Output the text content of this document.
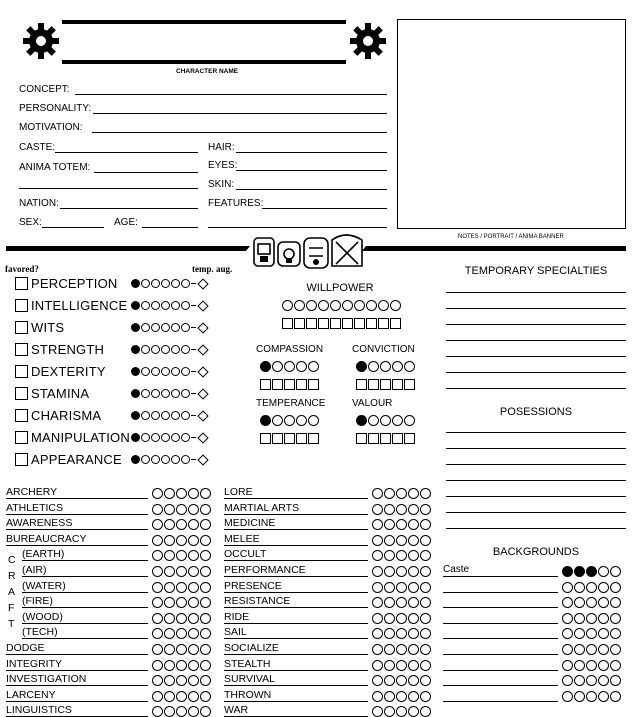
CHARACTER NAME
NOTES / PORTRAIT / ANIMA BANNER
CONCEPT:
PERSONALITY:
MOTIVATION:
CASTE:	HAIR:
ANIMA TOTEM:	EYES:
SKIN:
NATION:	FEATURES:
SEX:	AGE:
favored?	temp. aug.
PERCEPTION
INTELLIGENCE
WITS
STRENGTH
DEXTERITY
STAMINA
CHARISMA
MANIPULATION
APPEARANCE
WILLPOWER
COMPASSION	CONVICTION
TEMPERANCE	VALOUR
TEMPORARY SPECIALTIES
POSESSIONS
BACKGROUNDS
Caste
C
R
A
F
T
ARCHERY
ATHLETICS
AWARENESS
BUREAUCRACY
(EARTH)
(AIR)
(WATER)
(FIRE)
(WOOD)
(TECH)
DODGE
INTEGRITY
INVESTIGATION
LARCENY
LINGUISTICS
LORE
MARTIAL ARTS
MEDICINE
MELEE
OCCULT
PERFORMANCE
PRESENCE
RESISTANCE
RIDE
SAIL
SOCIALIZE
STEALTH
SURVIVAL
THROWN
WAR
